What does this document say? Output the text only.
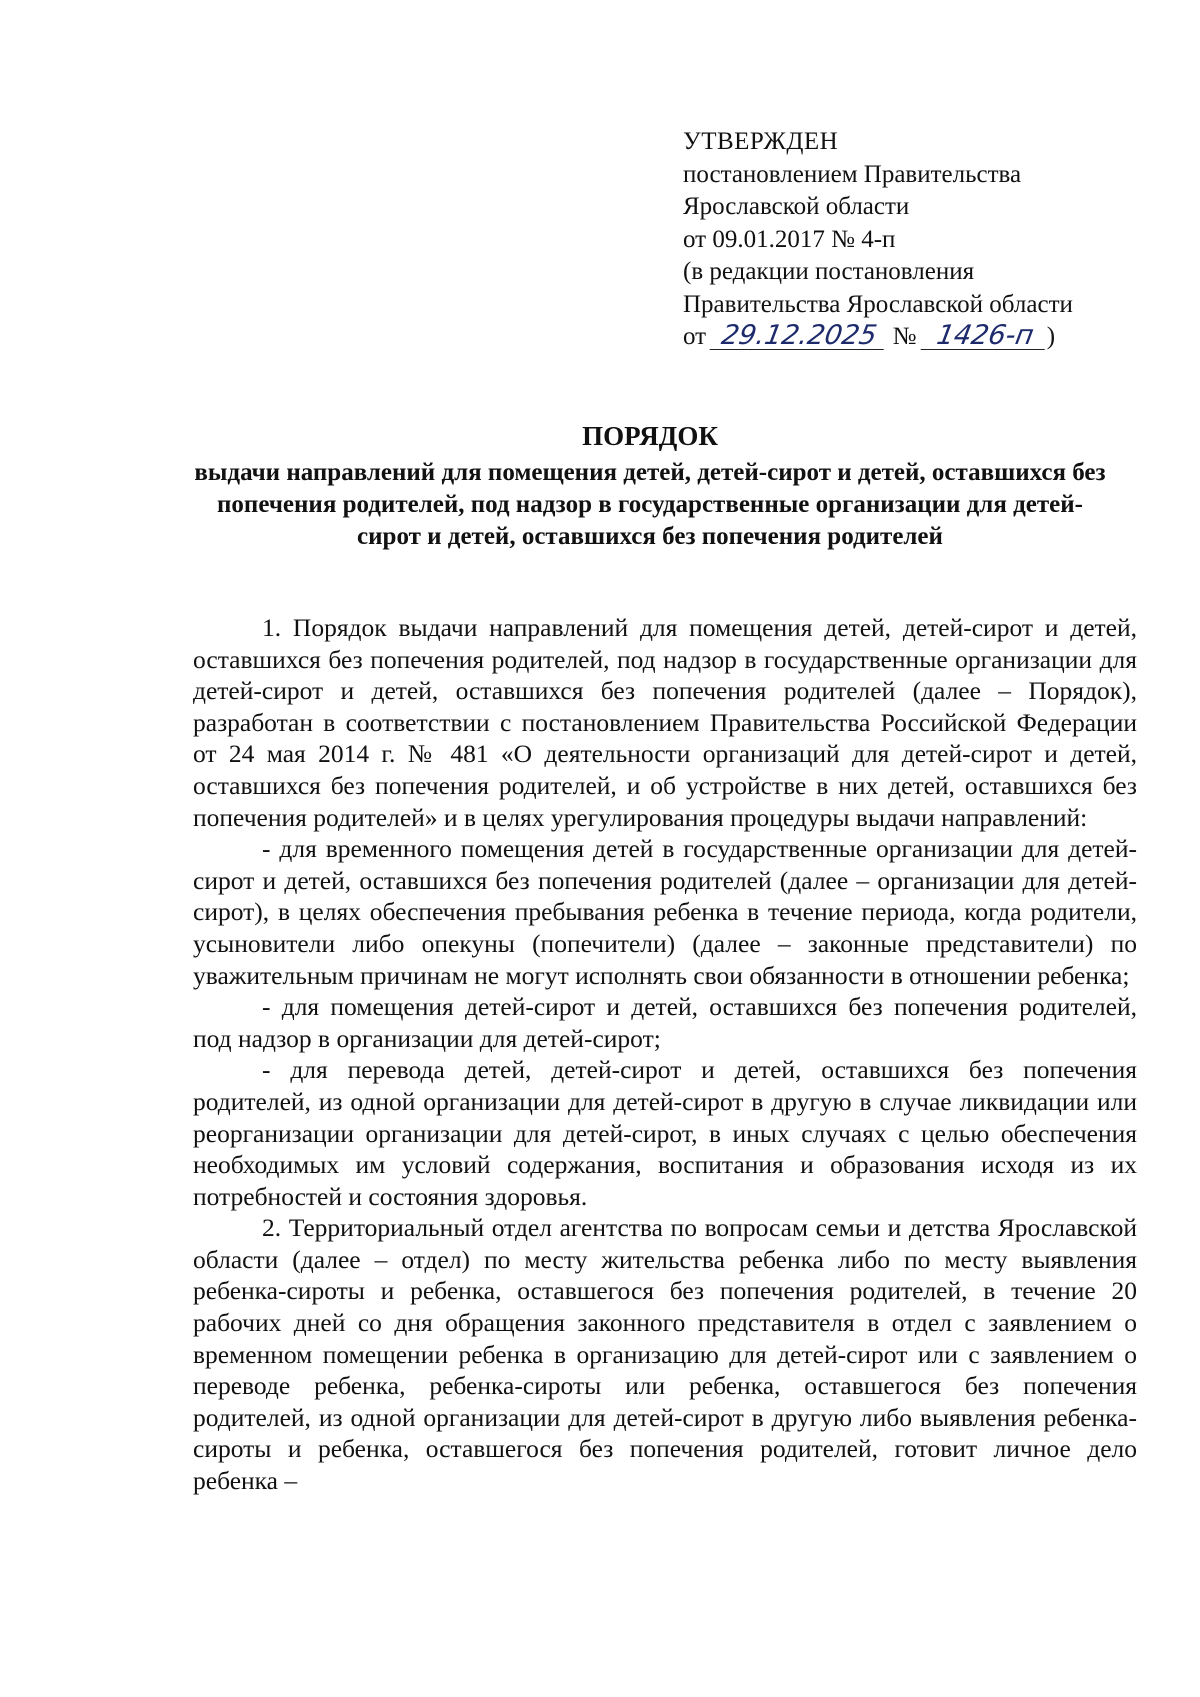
УТВЕРЖДЕН
постановлением Правительства
Ярославской области
от 09.01.2017 № 4-п
(в редакции постановления
Правительства Ярославской области
от 29.12.2025 № 1426-п )
ПОРЯДОК
выдачи направлений для помещения детей, детей-сирот и детей, оставшихся без попечения родителей, под надзор в государственные организации для детей-сирот и детей, оставшихся без попечения родителей

1. Порядок выдачи направлений для помещения детей, детей-сирот и детей, оставшихся без попечения родителей, под надзор в государственные организации для детей-сирот и детей, оставшихся без попечения родителей (далее – Порядок), разработан в соответствии с постановлением Правительства Российской Федерации от 24 мая 2014 г. № 481 «О деятельности организаций для детей-сирот и детей, оставшихся без попечения родителей, и об устройстве в них детей, оставшихся без попечения родителей» и в целях урегулирования процедуры выдачи направлений:

- для временного помещения детей в государственные организации для детей-сирот и детей, оставшихся без попечения родителей (далее – организации для детей-сирот), в целях обеспечения пребывания ребенка в течение периода, когда родители, усыновители либо опекуны (попечители) (далее – законные представители) по уважительным причинам не могут исполнять свои обязанности в отношении ребенка;

- для помещения детей-сирот и детей, оставшихся без попечения родителей, под надзор в организации для детей-сирот;

- для перевода детей, детей-сирот и детей, оставшихся без попечения родителей, из одной организации для детей-сирот в другую в случае ликвидации или реорганизации организации для детей-сирот, в иных случаях с целью обеспечения необходимых им условий содержания, воспитания и образования исходя из их потребностей и состояния здоровья.

2. Территориальный отдел агентства по вопросам семьи и детства Ярославской области (далее – отдел) по месту жительства ребенка либо по месту выявления ребенка-сироты и ребенка, оставшегося без попечения родителей, в течение 20 рабочих дней со дня обращения законного представителя в отдел с заявлением о временном помещении ребенка в организацию для детей-сирот или с заявлением о переводе ребенка, ребенка-сироты или ребенка, оставшегося без попечения родителей, из одной организации для детей-сирот в другую либо выявления ребенка-сироты и ребенка, оставшегося без попечения родителей, готовит личное дело ребенка –
